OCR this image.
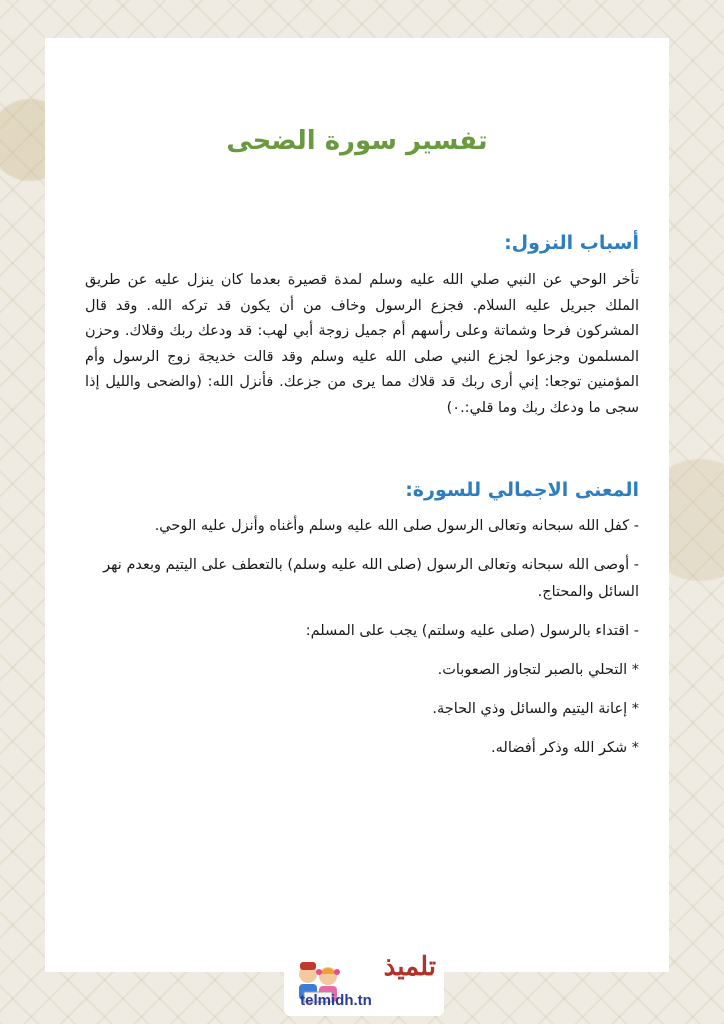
تفسير سورة الضحى
أسباب النزول:

تأخر الوحي عن النبي صلي الله عليه وسلم لمدة قصيرة بعدما كان ينزل عليه عن طريق الملك جبريل عليه السلام. فجزع الرسول وخاف من أن يكون قد تركه الله. وقد قال المشركون فرحا وشماتة وعلى رأسهم أم جميل زوجة أبي لهب: قد ودعك ربك وقلاك. وحزن المسلمون وجزعوا لجزع النبي صلى الله عليه وسلم وقد قالت خديجة زوج الرسول وأم المؤمنين توجعا: إني أرى ربك قد قلاك مما يرى من جزعك. فأنزل الله: (والضحى والليل إذا سجى ما ودعك ربك وما قلي:.٠)

المعنى الاجمالي للسورة:

- كفل الله سبحانه وتعالى الرسول صلى الله عليه وسلم وأغناه وأنزل عليه الوحي.

- أوصى الله سبحانه وتعالى الرسول (صلى الله عليه وسلم) بالتعطف على اليتيم وبعدم نهر السائل والمحتاج.

- اقتداء بالرسول (صلى عليه وسلتم) يجب على المسلم:

* التحلي بالصبر لتجاوز الصعوبات.

* إعانة اليتيم والسائل وذي الحاجة.

* شكر الله وذكر أفضاله.

تلميذ
telmidh.tn
